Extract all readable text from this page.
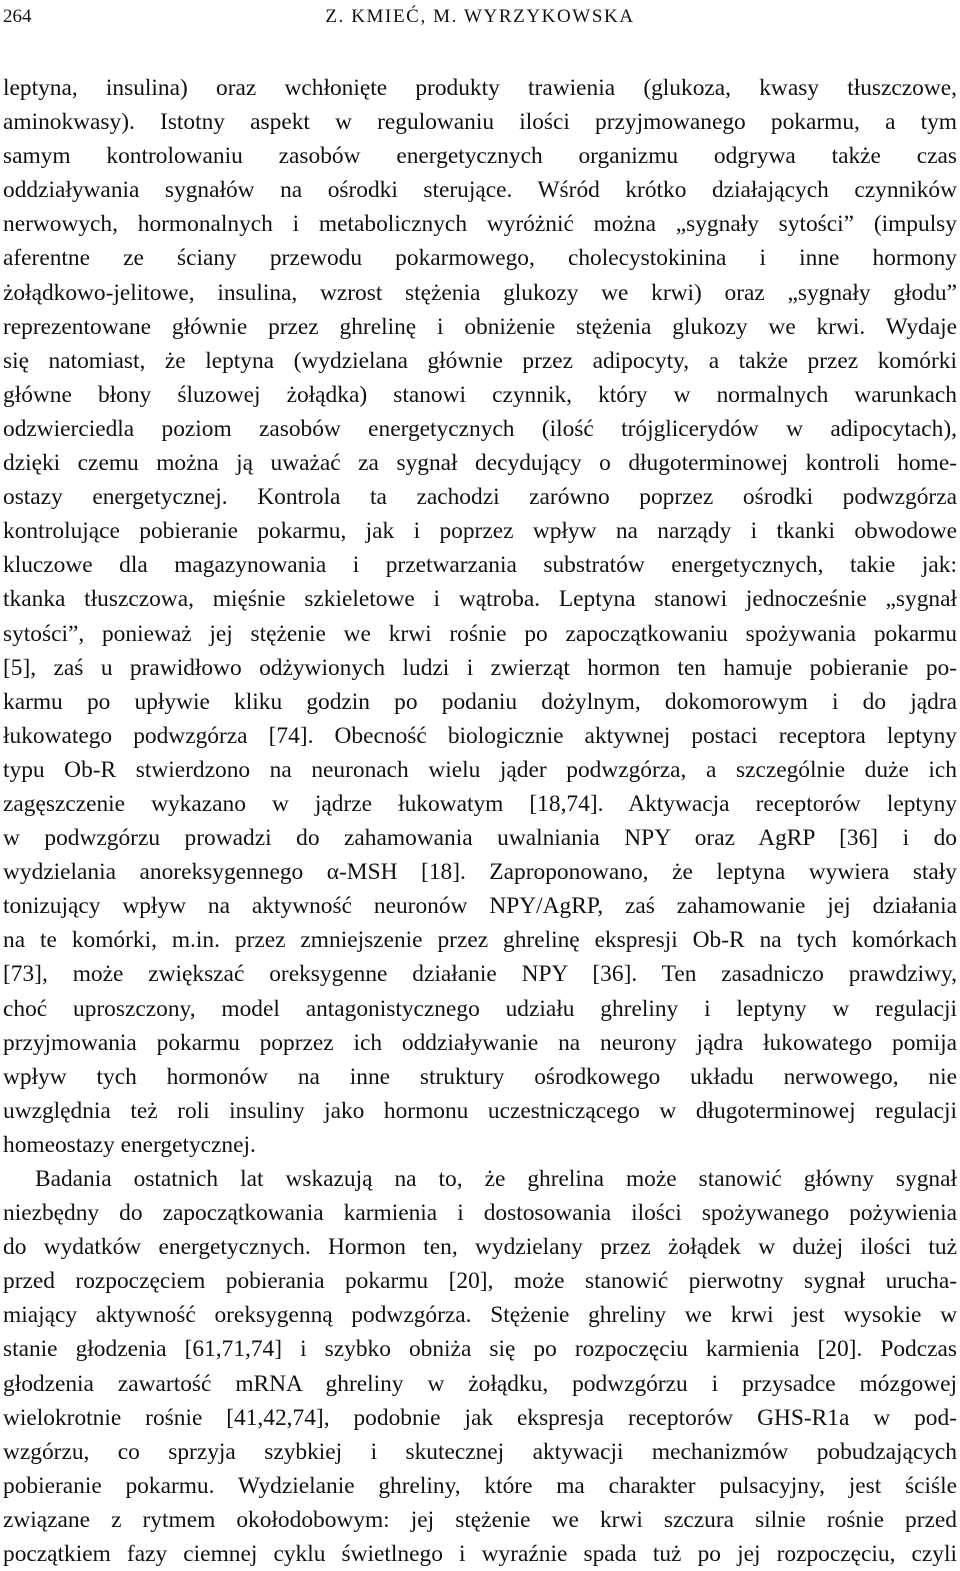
264	Z. KMIEĆ, M. WYRZYKOWSKA

leptyna, insulina) oraz wchłonięte produkty trawienia (glukoza, kwasy tłuszczowe,
aminokwasy). Istotny aspekt w regulowaniu ilości przyjmowanego pokarmu, a tym
samym kontrolowaniu zasobów energetycznych organizmu odgrywa także czas
oddziaływania sygnałów na ośrodki sterujące. Wśród krótko działających czynników
nerwowych, hormonalnych i metabolicznych wyróżnić można „sygnały sytości” (impulsy
aferentne ze ściany przewodu pokarmowego, cholecystokinina i inne hormony
żołądkowo-jelitowe, insulina, wzrost stężenia glukozy we krwi) oraz „sygnały głodu”
reprezentowane głównie przez ghrelinę i obniżenie stężenia glukozy we krwi. Wydaje
się natomiast, że leptyna (wydzielana głównie przez adipocyty, a także przez komórki
główne błony śluzowej żołądka) stanowi czynnik, który w normalnych warunkach
odzwierciedla poziom zasobów energetycznych (ilość trójglicerydów w adipocytach),
dzięki czemu można ją uważać za sygnał decydujący o długoterminowej kontroli home-
ostazy energetycznej. Kontrola ta zachodzi zarówno poprzez ośrodki podwzgórza
kontrolujące pobieranie pokarmu, jak i poprzez wpływ na narządy i tkanki obwodowe
kluczowe dla magazynowania i przetwarzania substratów energetycznych, takie jak:
tkanka tłuszczowa, mięśnie szkieletowe i wątroba. Leptyna stanowi jednocześnie „sygnał
sytości”, ponieważ jej stężenie we krwi rośnie po zapoczątkowaniu spożywania pokarmu
[5], zaś u prawidłowo odżywionych ludzi i zwierząt hormon ten hamuje pobieranie po-
karmu po upływie kliku godzin po podaniu dożylnym, dokomorowym i do jądra
łukowatego podwzgórza [74]. Obecność biologicznie aktywnej postaci receptora leptyny
typu Ob-R stwierdzono na neuronach wielu jąder podwzgórza, a szczególnie duże ich
zagęszczenie wykazano w jądrze łukowatym [18,74]. Aktywacja receptorów leptyny
w podwzgórzu prowadzi do zahamowania uwalniania NPY oraz AgRP [36] i do
wydzielania anoreksygennego α-MSH [18]. Zaproponowano, że leptyna wywiera stały
tonizujący wpływ na aktywność neuronów NPY/AgRP, zaś zahamowanie jej działania
na te komórki, m.in. przez zmniejszenie przez ghrelinę ekspresji Ob-R na tych komórkach
[73], może zwiększać oreksygenne działanie NPY [36]. Ten zasadniczo prawdziwy,
choć uproszczony, model antagonistycznego udziału ghreliny i leptyny w regulacji
przyjmowania pokarmu poprzez ich oddziaływanie na neurony jądra łukowatego pomija
wpływ tych hormonów na inne struktury ośrodkowego układu nerwowego, nie
uwzględnia też roli insuliny jako hormonu uczestniczącego w długoterminowej regulacji
homeostazy energetycznej.

Badania ostatnich lat wskazują na to, że ghrelina może stanowić główny sygnał
niezbędny do zapoczątkowania karmienia i dostosowania ilości spożywanego pożywienia
do wydatków energetycznych. Hormon ten, wydzielany przez żołądek w dużej ilości tuż
przed rozpoczęciem pobierania pokarmu [20], może stanowić pierwotny sygnał urucha-
miający aktywność oreksygenną podwzgórza. Stężenie ghreliny we krwi jest wysokie w
stanie głodzenia [61,71,74] i szybko obniża się po rozpoczęciu karmienia [20]. Podczas
głodzenia zawartość mRNA ghreliny w żołądku, podwzgórzu i przysadce mózgowej
wielokrotnie rośnie [41,42,74], podobnie jak ekspresja receptorów GHS-R1a w pod-
wzgórzu, co sprzyja szybkiej i skutecznej aktywacji mechanizmów pobudzających
pobieranie pokarmu. Wydzielanie ghreliny, które ma charakter pulsacyjny, jest ściśle
związane z rytmem okołodobowym: jej stężenie we krwi szczura silnie rośnie przed
początkiem fazy ciemnej cyklu świetlnego i wyraźnie spada tuż po jej rozpoczęciu, czyli
